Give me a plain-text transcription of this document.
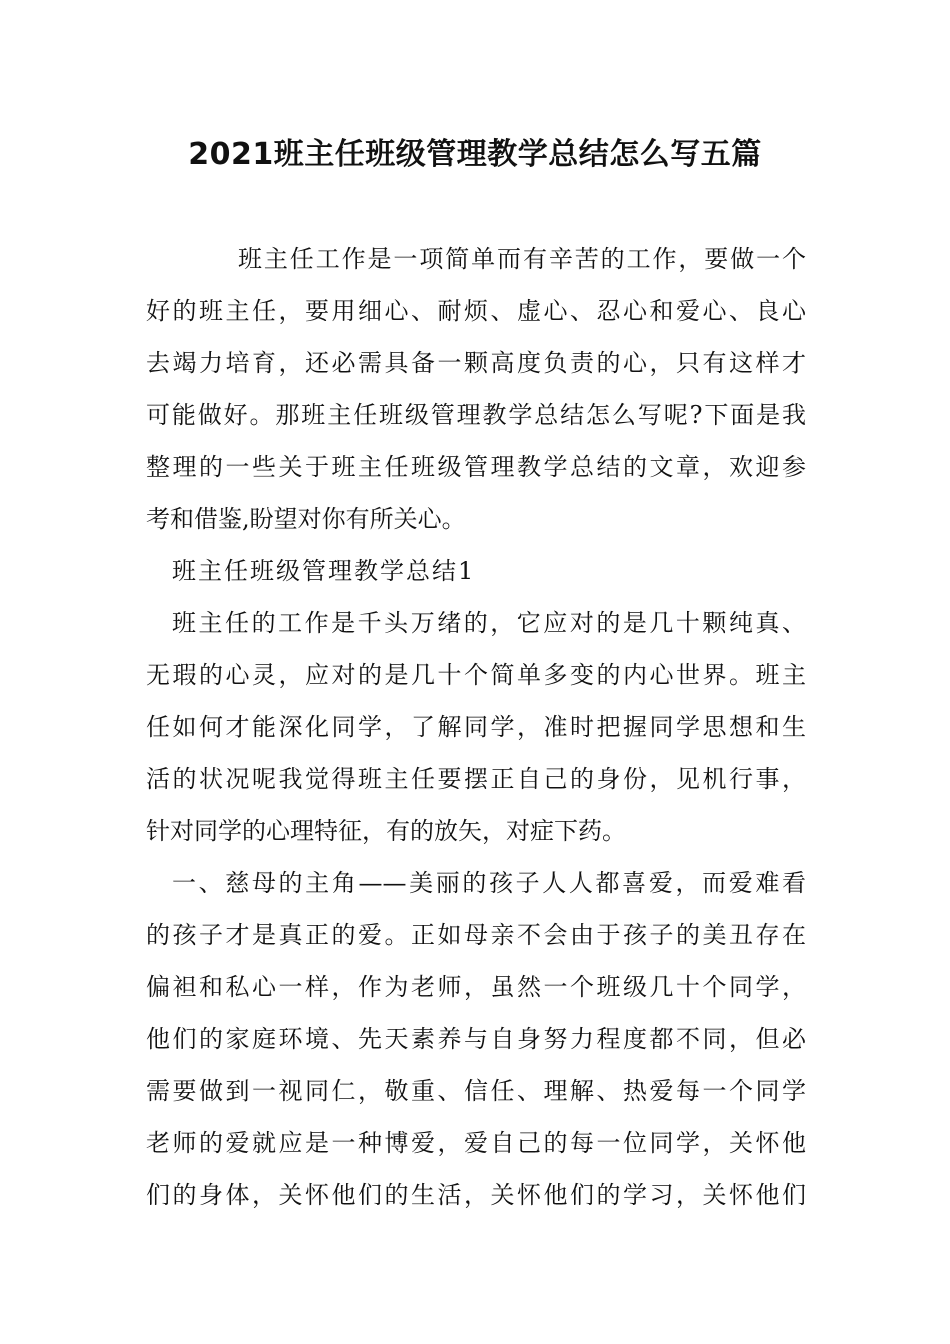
2021班主任班级管理教学总结怎么写五篇
班主任工作是一项简单而有辛苦的工作，要做一个
好的班主任，要用细心、耐烦、虚心、忍心和爱心、良心
去竭力培育，还必需具备一颗高度负责的心，只有这样才
可能做好。那班主任班级管理教学总结怎么写呢?下面是我
整理的一些关于班主任班级管理教学总结的文章，欢迎参
考和借鉴,盼望对你有所关心。
班主任班级管理教学总结1
班主任的工作是千头万绪的，它应对的是几十颗纯真、
无瑕的心灵，应对的是几十个简单多变的内心世界。班主
任如何才能深化同学，了解同学，准时把握同学思想和生
活的状况呢我觉得班主任要摆正自己的身份，见机行事，
针对同学的心理特征，有的放矢，对症下药。
一、慈母的主角——美丽的孩子人人都喜爱，而爱难看
的孩子才是真正的爱。正如母亲不会由于孩子的美丑存在
偏袒和私心一样，作为老师，虽然一个班级几十个同学，
他们的家庭环境、先天素养与自身努力程度都不同，但必
需要做到一视同仁，敬重、信任、理解、热爱每一个同学
老师的爱就应是一种博爱，爱自己的每一位同学，关怀他
们的身体，关怀他们的生活，关怀他们的学习，关怀他们
